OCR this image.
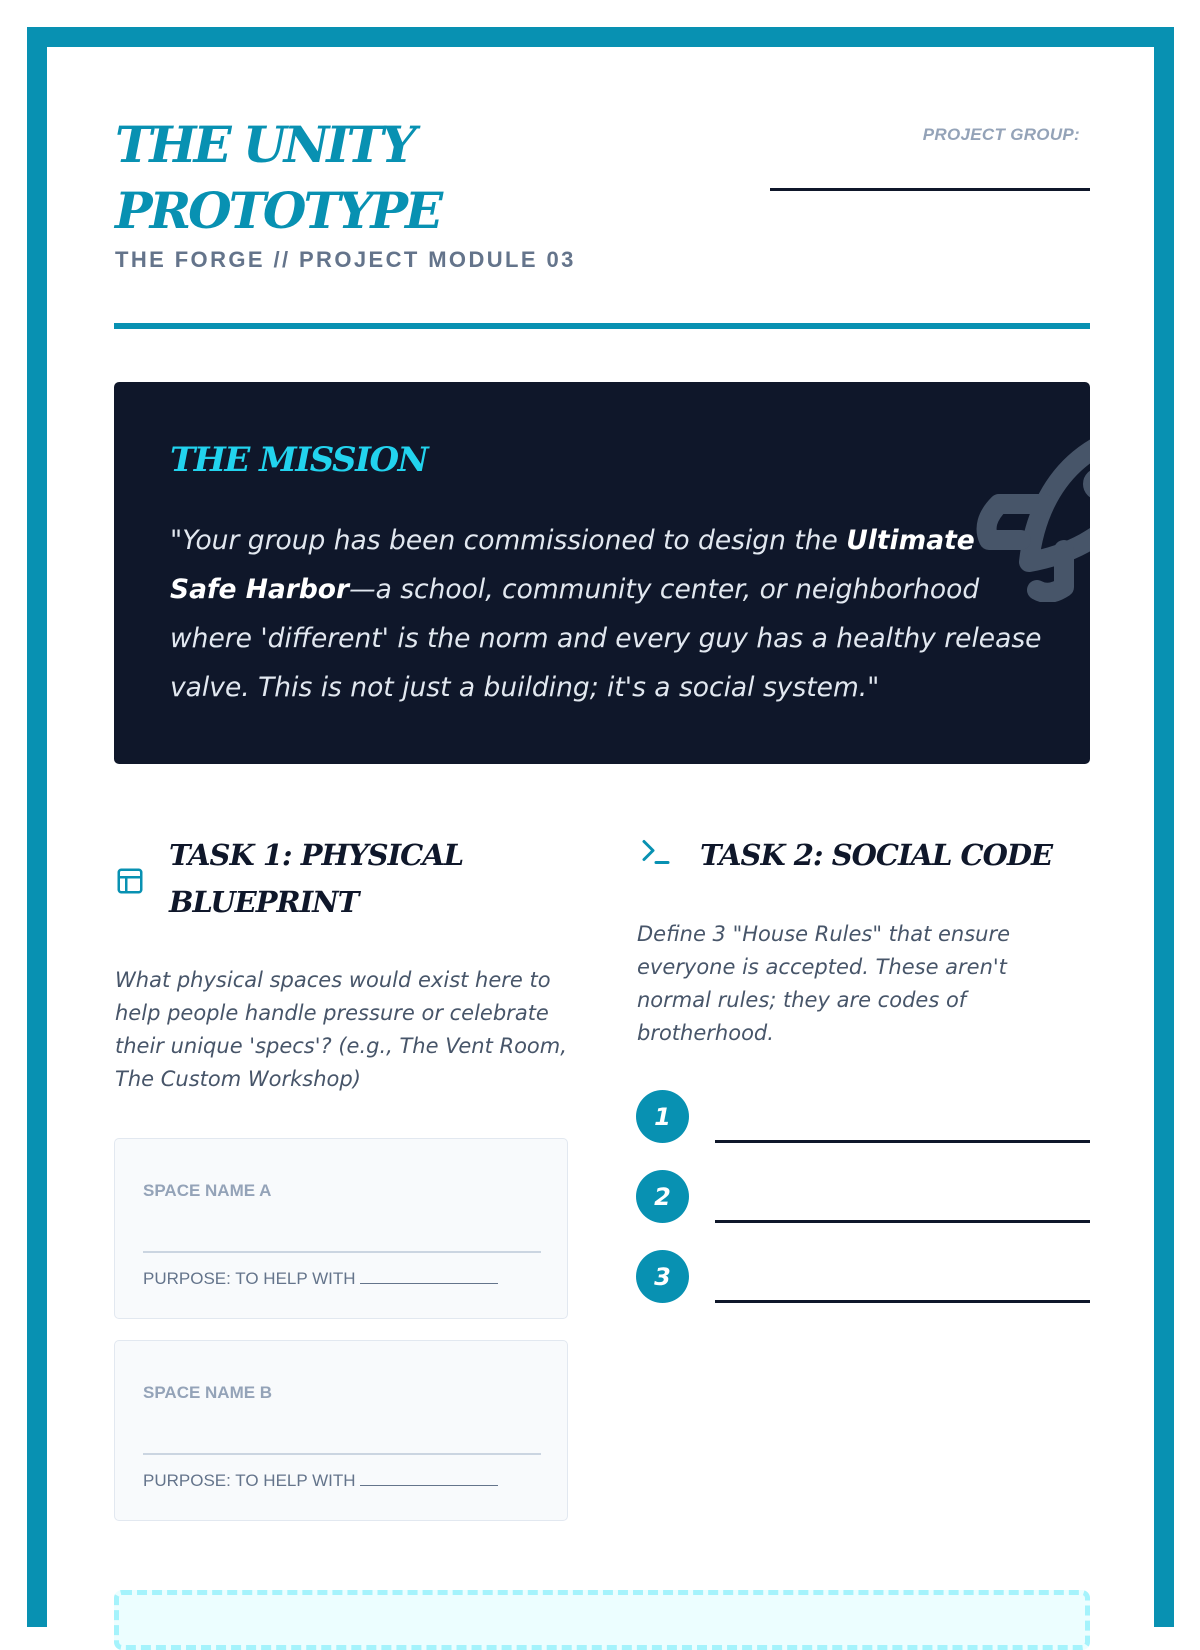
THE UNITY PROTOTYPE
THE FORGE // PROJECT MODULE 03
PROJECT GROUP:
THE MISSION

"Your group has been commissioned to design the Ultimate Safe Harbor—a school, community center, or neighborhood where 'different' is the norm and every guy has a healthy release valve. This is not just a building; it's a social system."

TASK 1: PHYSICAL BLUEPRINT

What physical spaces would exist here to help people handle pressure or celebrate their unique 'specs'? (e.g., The Vent Room, The Custom Workshop)

SPACE NAME A
PURPOSE: TO HELP WITH
SPACE NAME B
PURPOSE: TO HELP WITH
TASK 2: SOCIAL CODE

Define 3 "House Rules" that ensure everyone is accepted. These aren't normal rules; they are codes of brotherhood.

1
2
3
